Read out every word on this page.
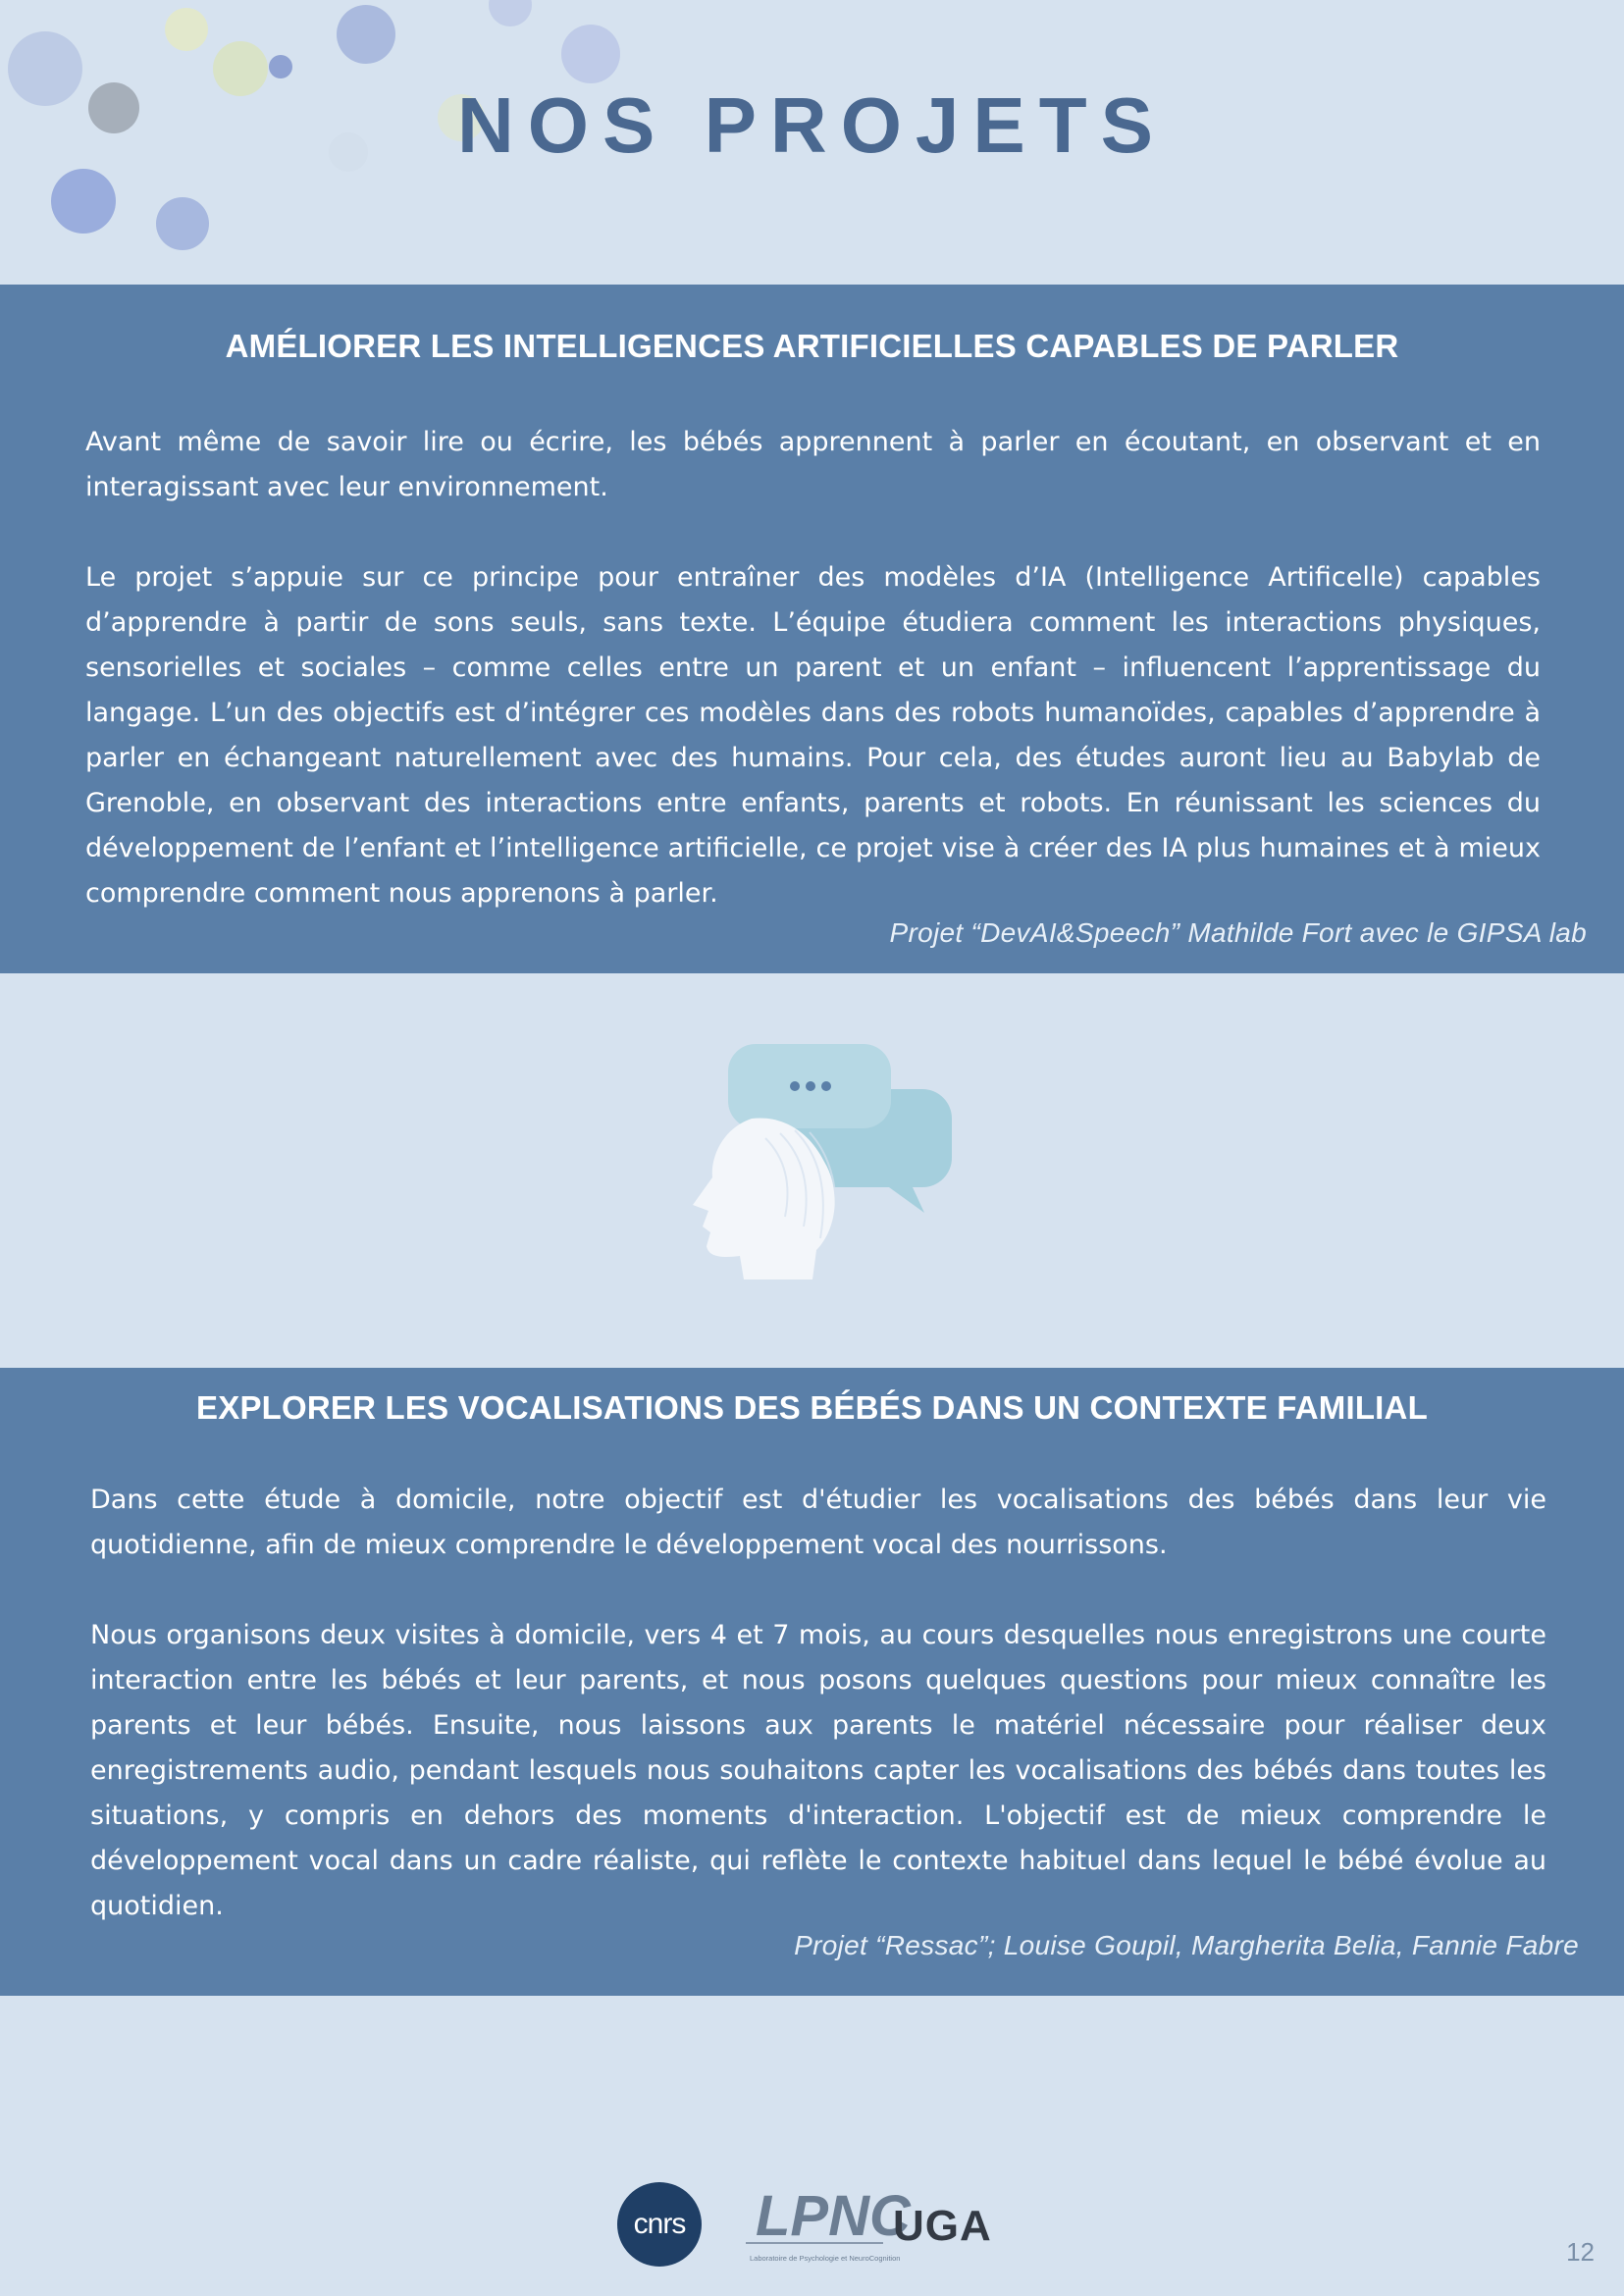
NOS PROJETS
AMÉLIORER LES INTELLIGENCES ARTIFICIELLES CAPABLES DE PARLER

Avant même de savoir lire ou écrire, les bébés apprennent à parler en écoutant, en observant et en interagissant avec leur environnement.

Le projet s’appuie sur ce principe pour entraîner des modèles d’IA (Intelligence Artificelle) capables d’apprendre à partir de sons seuls, sans texte. L’équipe étudiera comment les interactions physiques, sensorielles et sociales – comme celles entre un parent et un enfant – influencent l’apprentissage du langage. L’un des objectifs est d’intégrer ces modèles dans des robots humanoïdes, capables d’apprendre à parler en échangeant naturellement avec des humains. Pour cela, des études auront lieu au Babylab de Grenoble, en observant des interactions entre enfants, parents et robots. En réunissant les sciences du développement de l’enfant et l’intelligence artificielle, ce projet vise à créer des IA plus humaines et à mieux comprendre comment nous apprenons à parler.

Projet “DevAI&Speech” Mathilde Fort avec le GIPSA lab
EXPLORER LES VOCALISATIONS DES BÉBÉS DANS UN CONTEXTE FAMILIAL

Dans cette étude à domicile, notre objectif est d'étudier les vocalisations des bébés dans leur vie quotidienne, afin de mieux comprendre le développement vocal des nourrissons.

Nous organisons deux visites à domicile, vers 4 et 7 mois, au cours desquelles nous enregistrons une courte interaction entre les bébés et leur parents, et nous posons quelques questions pour mieux connaître les parents et leur bébés. Ensuite, nous laissons aux parents le matériel nécessaire pour réaliser deux enregistrements audio, pendant lesquels nous souhaitons capter les vocalisations des bébés dans toutes les situations, y compris en dehors des moments d'interaction. L'objectif est de mieux comprendre le développement vocal dans un cadre réaliste, qui reflète le contexte habituel dans lequel le bébé évolue au quotidien.

Projet “Ressac”; Louise Goupil, Margherita Belia, Fannie Fabre
cnrs LPNC
Laboratoire de Psychologie et NeuroCognition
UGA
12
